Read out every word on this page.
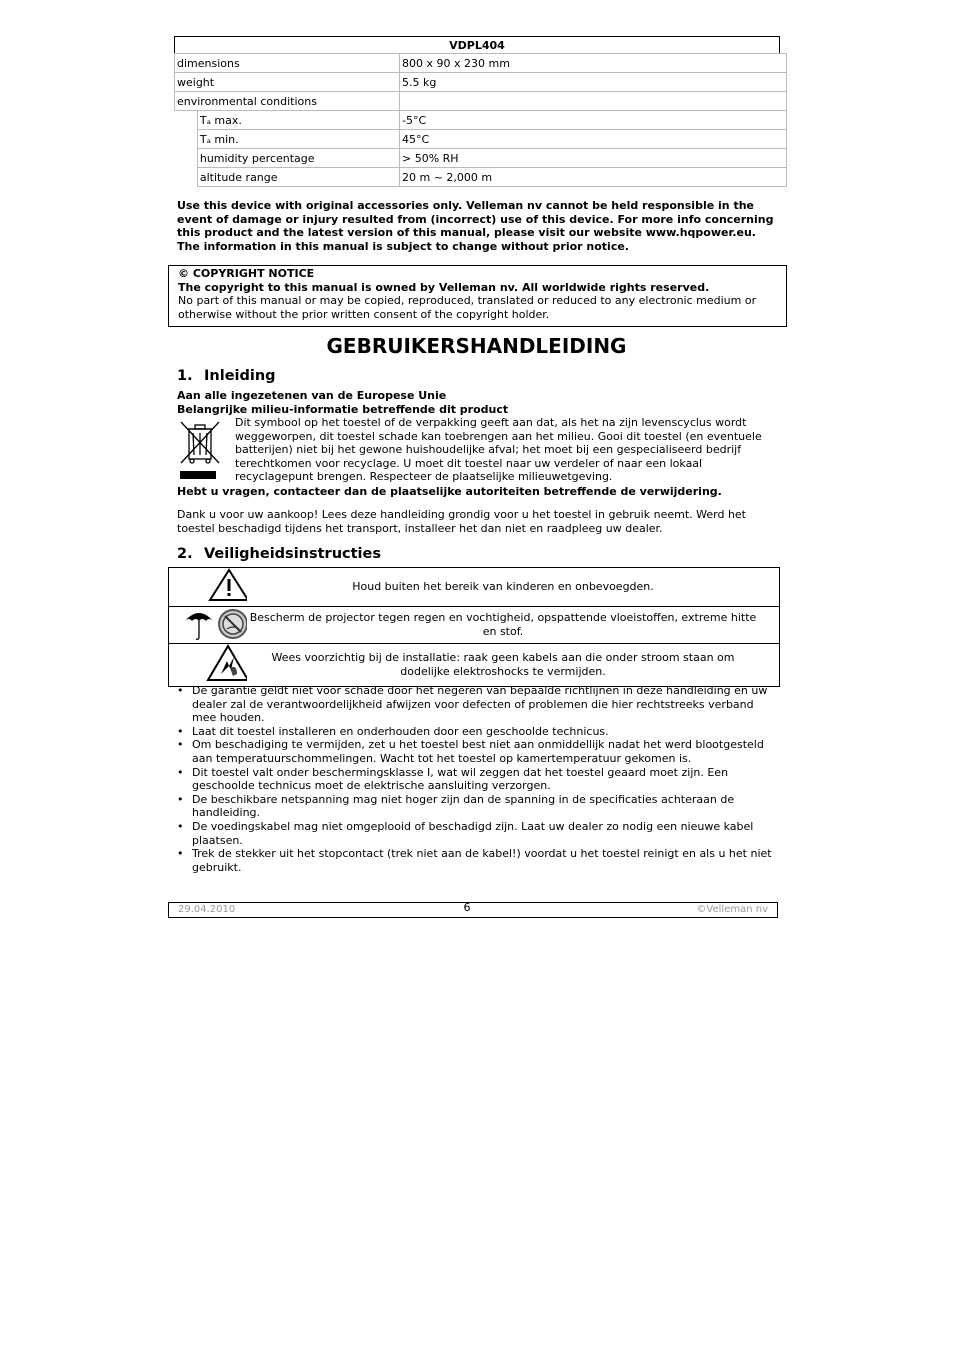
VDPL404
dimensions		800 x 90 x 230 mm
weight		5.5 kg
environmental conditions		
	Tₐ max.	-5°C
	Tₐ min.	45°C
	humidity percentage	> 50% RH
	altitude range	20 m ~ 2,000 m
Use this device with original accessories only. Velleman nv cannot be held responsible in the event of damage or injury resulted from (incorrect) use of this device. For more info concerning this product and the latest version of this manual, please visit our website www.hqpower.eu. The information in this manual is subject to change without prior notice.
© COPYRIGHT NOTICE
The copyright to this manual is owned by Velleman nv. All worldwide rights reserved.
No part of this manual or may be copied, reproduced, translated or reduced to any electronic medium or otherwise without the prior written consent of the copyright holder.
GEBRUIKERSHANDLEIDING
1. Inleiding
Aan alle ingezetenen van de Europese Unie
Belangrijke milieu-informatie betreffende dit product
Dit symbool op het toestel of de verpakking geeft aan dat, als het na zijn levenscyclus wordt weggeworpen, dit toestel schade kan toebrengen aan het milieu. Gooi dit toestel (en eventuele batterijen) niet bij het gewone huishoudelijke afval; het moet bij een gespecialiseerd bedrijf terechtkomen voor recyclage. U moet dit toestel naar uw verdeler of naar een lokaal recyclagepunt brengen. Respecteer de plaatselijke milieuwetgeving.
Hebt u vragen, contacteer dan de plaatselijke autoriteiten betreffende de verwijdering.
Dank u voor uw aankoop! Lees deze handleiding grondig voor u het toestel in gebruik neemt. Werd het toestel beschadigd tijdens het transport, installeer het dan niet en raadpleeg uw dealer.
2. Veiligheidsinstructies
	Houd buiten het bereik van kinderen en onbevoegden.
	Bescherm de projector tegen regen en vochtigheid, opspattende vloeistoffen, extreme hitte en stof.
	Wees voorzichtig bij de installatie: raak geen kabels aan die onder stroom staan om dodelijke elektroshocks te vermijden.
• De garantie geldt niet voor schade door het negeren van bepaalde richtlijnen in deze handleiding en uw dealer zal de verantwoordelijkheid afwijzen voor defecten of problemen die hier rechtstreeks verband mee houden.
• Laat dit toestel installeren en onderhouden door een geschoolde technicus.
• Om beschadiging te vermijden, zet u het toestel best niet aan onmiddellijk nadat het werd blootgesteld aan temperatuurschommelingen. Wacht tot het toestel op kamertemperatuur gekomen is.
• Dit toestel valt onder beschermingsklasse I, wat wil zeggen dat het toestel geaard moet zijn. Een geschoolde technicus moet de elektrische aansluiting verzorgen.
• De beschikbare netspanning mag niet hoger zijn dan de spanning in de specificaties achteraan de handleiding.
• De voedingskabel mag niet omgeplooid of beschadigd zijn. Laat uw dealer zo nodig een nieuwe kabel plaatsen.
• Trek de stekker uit het stopcontact (trek niet aan de kabel!) voordat u het toestel reinigt en als u het niet gebruikt.
29.04.2010	6	©Velleman nv
